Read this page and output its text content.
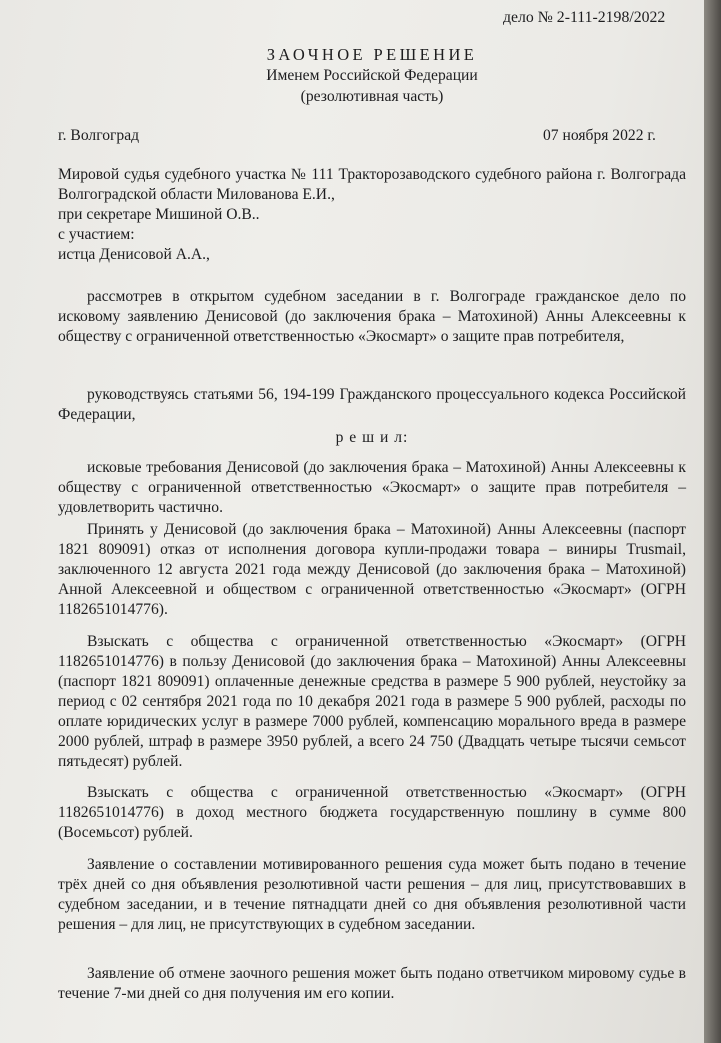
дело № 2-111-2198/2022
ЗАОЧНОЕ РЕШЕНИЕ
Именем Российской Федерации
(резолютивная часть)
г. Волгоград	07 ноября 2022 г.
Мировой судья судебного участка № 111 Тракторозаводского судебного района г. Волгограда Волгоградской области Милованова Е.И.,
при секретаре Мишиной О.В..
с участием:
истца Денисовой А.А.,
рассмотрев в открытом судебном заседании в г. Волгограде гражданское дело по исковому заявлению Денисовой (до заключения брака – Матохиной) Анны Алексеевны к обществу с ограниченной ответственностью «Экосмарт» о защите прав потребителя,
руководствуясь статьями 56, 194-199 Гражданского процессуального кодекса Российской Федерации,
р е ш и л:
исковые требования Денисовой (до заключения брака – Матохиной) Анны Алексеевны к обществу с ограниченной ответственностью «Экосмарт» о защите прав потребителя – удовлетворить частично.
Принять у Денисовой (до заключения брака – Матохиной) Анны Алексеевны (паспорт 1821 809091) отказ от исполнения договора купли-продажи товара – виниры Trusmail, заключенного 12 августа 2021 года между Денисовой (до заключения брака – Матохиной) Анной Алексеевной и обществом с ограниченной ответственностью «Экосмарт» (ОГРН 1182651014776).
Взыскать с общества с ограниченной ответственностью «Экосмарт» (ОГРН 1182651014776) в пользу Денисовой (до заключения брака – Матохиной) Анны Алексеевны (паспорт 1821 809091) оплаченные денежные средства в размере 5 900 рублей, неустойку за период с 02 сентября 2021 года по 10 декабря 2021 года в размере 5 900 рублей, расходы по оплате юридических услуг в размере 7000 рублей, компенсацию морального вреда в размере 2000 рублей, штраф в размере 3950 рублей, а всего 24 750 (Двадцать четыре тысячи семьсот пятьдесят) рублей.
Взыскать с общества с ограниченной ответственностью «Экосмарт» (ОГРН 1182651014776) в доход местного бюджета государственную пошлину в сумме 800 (Восемьсот) рублей.
Заявление о составлении мотивированного решения суда может быть подано в течение трёх дней со дня объявления резолютивной части решения – для лиц, присутствовавших в судебном заседании, и в течение пятнадцати дней со дня объявления резолютивной части решения – для лиц, не присутствующих в судебном заседании.
Заявление об отмене заочного решения может быть подано ответчиком мировому судье в течение 7-ми дней со дня получения им его копии.
